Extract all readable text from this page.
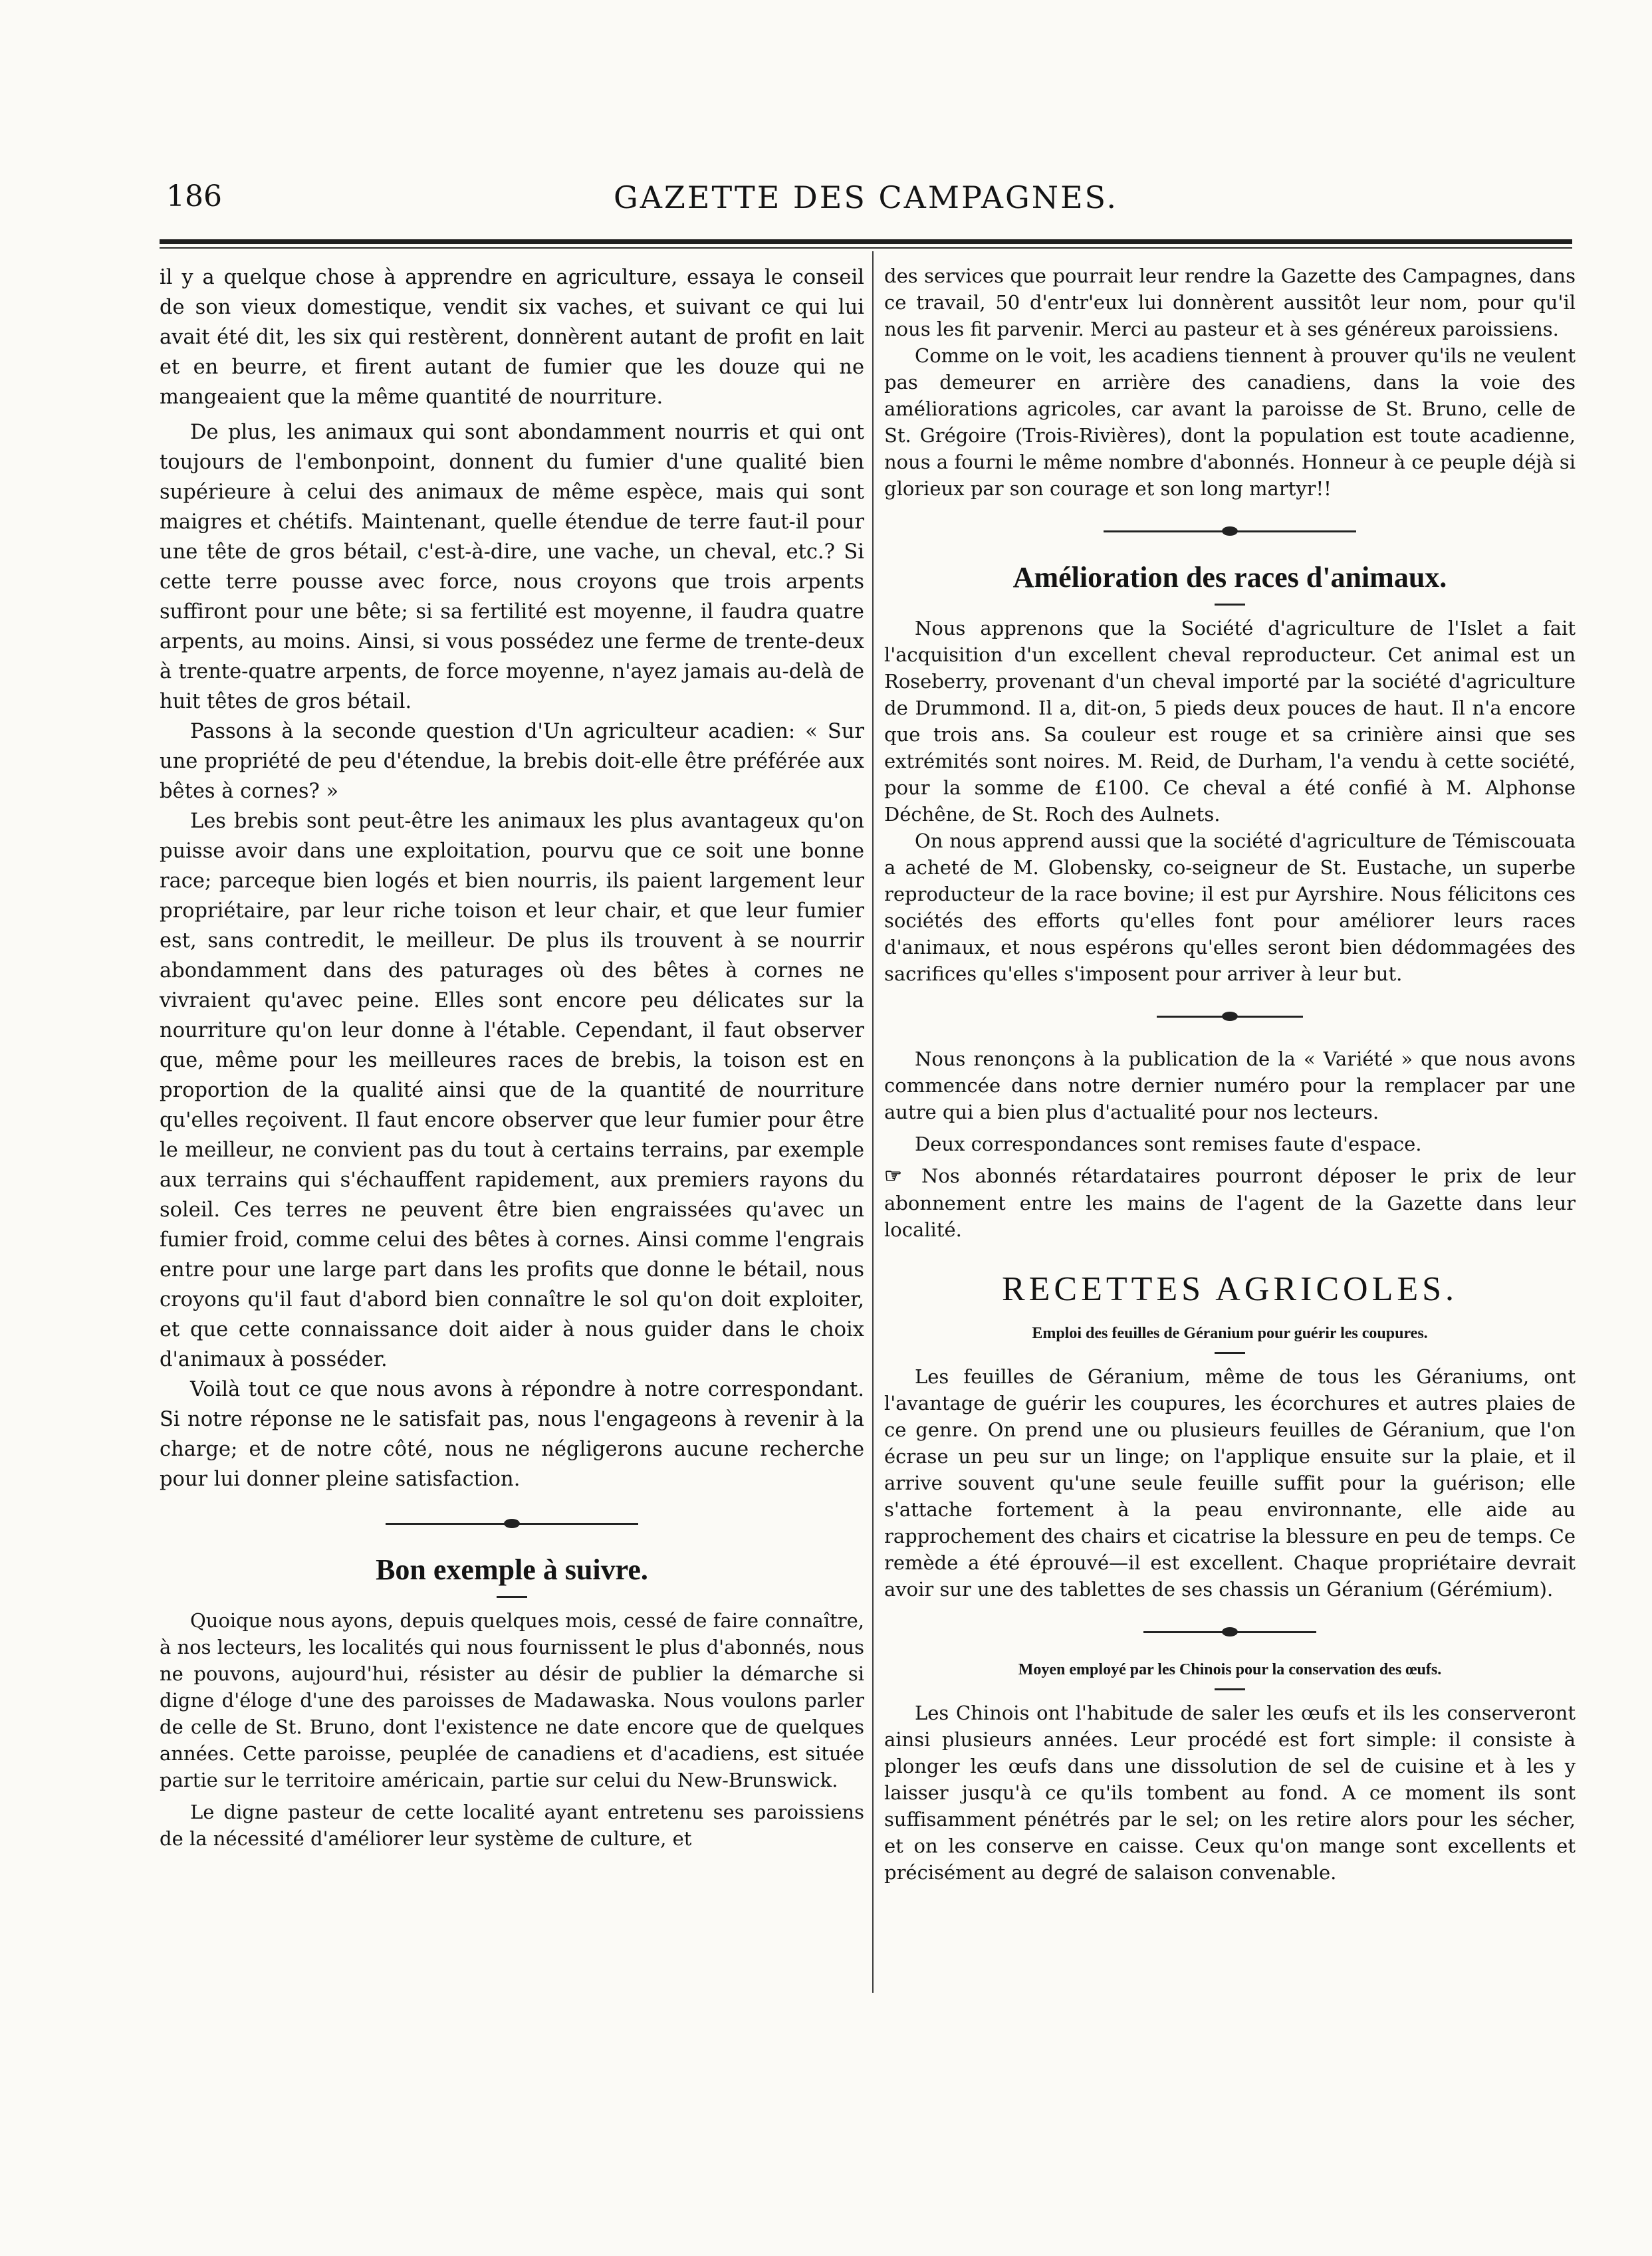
186	GAZETTE DES CAMPAGNES.

il y a quelque chose à apprendre en agriculture, essaya le conseil de son vieux domestique, vendit six vaches, et suivant ce qui lui avait été dit, les six qui restèrent, donnèrent autant de profit en lait et en beurre, et firent autant de fumier que les douze qui ne mangeaient que la même quantité de nourriture.

De plus, les animaux qui sont abondamment nourris et qui ont toujours de l'embonpoint, donnent du fumier d'une qualité bien supérieure à celui des animaux de même espèce, mais qui sont maigres et chétifs. Maintenant, quelle étendue de terre faut-il pour une tête de gros bétail, c'est-à-dire, une vache, un cheval, etc.? Si cette terre pousse avec force, nous croyons que trois arpents suffiront pour une bête; si sa fertilité est moyenne, il faudra quatre arpents, au moins. Ainsi, si vous possédez une ferme de trente-deux à trente-quatre arpents, de force moyenne, n'ayez jamais au-delà de huit têtes de gros bétail.

Passons à la seconde question d'Un agriculteur acadien: « Sur une propriété de peu d'étendue, la brebis doit-elle être préférée aux bêtes à cornes? »

Les brebis sont peut-être les animaux les plus avantageux qu'on puisse avoir dans une exploitation, pourvu que ce soit une bonne race; parceque bien logés et bien nourris, ils paient largement leur propriétaire, par leur riche toison et leur chair, et que leur fumier est, sans contredit, le meilleur. De plus ils trouvent à se nourrir abondamment dans des paturages où des bêtes à cornes ne vivraient qu'avec peine. Elles sont encore peu délicates sur la nourriture qu'on leur donne à l'étable. Cependant, il faut observer que, même pour les meilleures races de brebis, la toison est en proportion de la qualité ainsi que de la quantité de nourriture qu'elles reçoivent. Il faut encore observer que leur fumier pour être le meilleur, ne convient pas du tout à certains terrains, par exemple aux terrains qui s'échauffent rapidement, aux premiers rayons du soleil. Ces terres ne peuvent être bien engraissées qu'avec un fumier froid, comme celui des bêtes à cornes. Ainsi comme l'engrais entre pour une large part dans les profits que donne le bétail, nous croyons qu'il faut d'abord bien connaître le sol qu'on doit exploiter, et que cette connaissance doit aider à nous guider dans le choix d'animaux à posséder.

Voilà tout ce que nous avons à répondre à notre correspondant. Si notre réponse ne le satisfait pas, nous l'engageons à revenir à la charge; et de notre côté, nous ne négligerons aucune recherche pour lui donner pleine satisfaction.

Bon exemple à suivre.

Quoique nous ayons, depuis quelques mois, cessé de faire connaître, à nos lecteurs, les localités qui nous fournissent le plus d'abonnés, nous ne pouvons, aujourd'hui, résister au désir de publier la démarche si digne d'éloge d'une des paroisses de Madawaska. Nous voulons parler de celle de St. Bruno, dont l'existence ne date encore que de quelques années. Cette paroisse, peuplée de canadiens et d'acadiens, est située partie sur le territoire américain, partie sur celui du New-Brunswick.

Le digne pasteur de cette localité ayant entretenu ses paroissiens de la nécessité d'améliorer leur système de culture, et

des services que pourrait leur rendre la Gazette des Campagnes, dans ce travail, 50 d'entr'eux lui donnèrent aussitôt leur nom, pour qu'il nous les fit parvenir. Merci au pasteur et à ses généreux paroissiens.

Comme on le voit, les acadiens tiennent à prouver qu'ils ne veulent pas demeurer en arrière des canadiens, dans la voie des améliorations agricoles, car avant la paroisse de St. Bruno, celle de St. Grégoire (Trois-Rivières), dont la population est toute acadienne, nous a fourni le même nombre d'abonnés. Honneur à ce peuple déjà si glorieux par son courage et son long martyr!!

Amélioration des races d'animaux.

Nous apprenons que la Société d'agriculture de l'Islet a fait l'acquisition d'un excellent cheval reproducteur. Cet animal est un Roseberry, provenant d'un cheval importé par la société d'agriculture de Drummond. Il a, dit-on, 5 pieds deux pouces de haut. Il n'a encore que trois ans. Sa couleur est rouge et sa crinière ainsi que ses extrémités sont noires. M. Reid, de Durham, l'a vendu à cette société, pour la somme de £100. Ce cheval a été confié à M. Alphonse Déchêne, de St. Roch des Aulnets.

On nous apprend aussi que la société d'agriculture de Témiscouata a acheté de M. Globensky, co-seigneur de St. Eustache, un superbe reproducteur de la race bovine; il est pur Ayrshire. Nous félicitons ces sociétés des efforts qu'elles font pour améliorer leurs races d'animaux, et nous espérons qu'elles seront bien dédommagées des sacrifices qu'elles s'imposent pour arriver à leur but.

Nous renonçons à la publication de la « Variété » que nous avons commencée dans notre dernier numéro pour la remplacer par une autre qui a bien plus d'actualité pour nos lecteurs.

Deux correspondances sont remises faute d'espace.

☞ Nos abonnés rétardataires pourront déposer le prix de leur abonnement entre les mains de l'agent de la Gazette dans leur localité.

RECETTES AGRICOLES.
Emploi des feuilles de Géranium pour guérir les coupures.

Les feuilles de Géranium, même de tous les Géraniums, ont l'avantage de guérir les coupures, les écorchures et autres plaies de ce genre. On prend une ou plusieurs feuilles de Géranium, que l'on écrase un peu sur un linge; on l'applique ensuite sur la plaie, et il arrive souvent qu'une seule feuille suffit pour la guérison; elle s'attache fortement à la peau environnante, elle aide au rapprochement des chairs et cicatrise la blessure en peu de temps. Ce remède a été éprouvé—il est excellent. Chaque propriétaire devrait avoir sur une des tablettes de ses chassis un Géranium (Gérémium).

Moyen employé par les Chinois pour la conservation des œufs.

Les Chinois ont l'habitude de saler les œufs et ils les conserveront ainsi plusieurs années. Leur procédé est fort simple: il consiste à plonger les œufs dans une dissolution de sel de cuisine et à les y laisser jusqu'à ce qu'ils tombent au fond. A ce moment ils sont suffisamment pénétrés par le sel; on les retire alors pour les sécher, et on les conserve en caisse. Ceux qu'on mange sont excellents et précisément au degré de salaison convenable.
